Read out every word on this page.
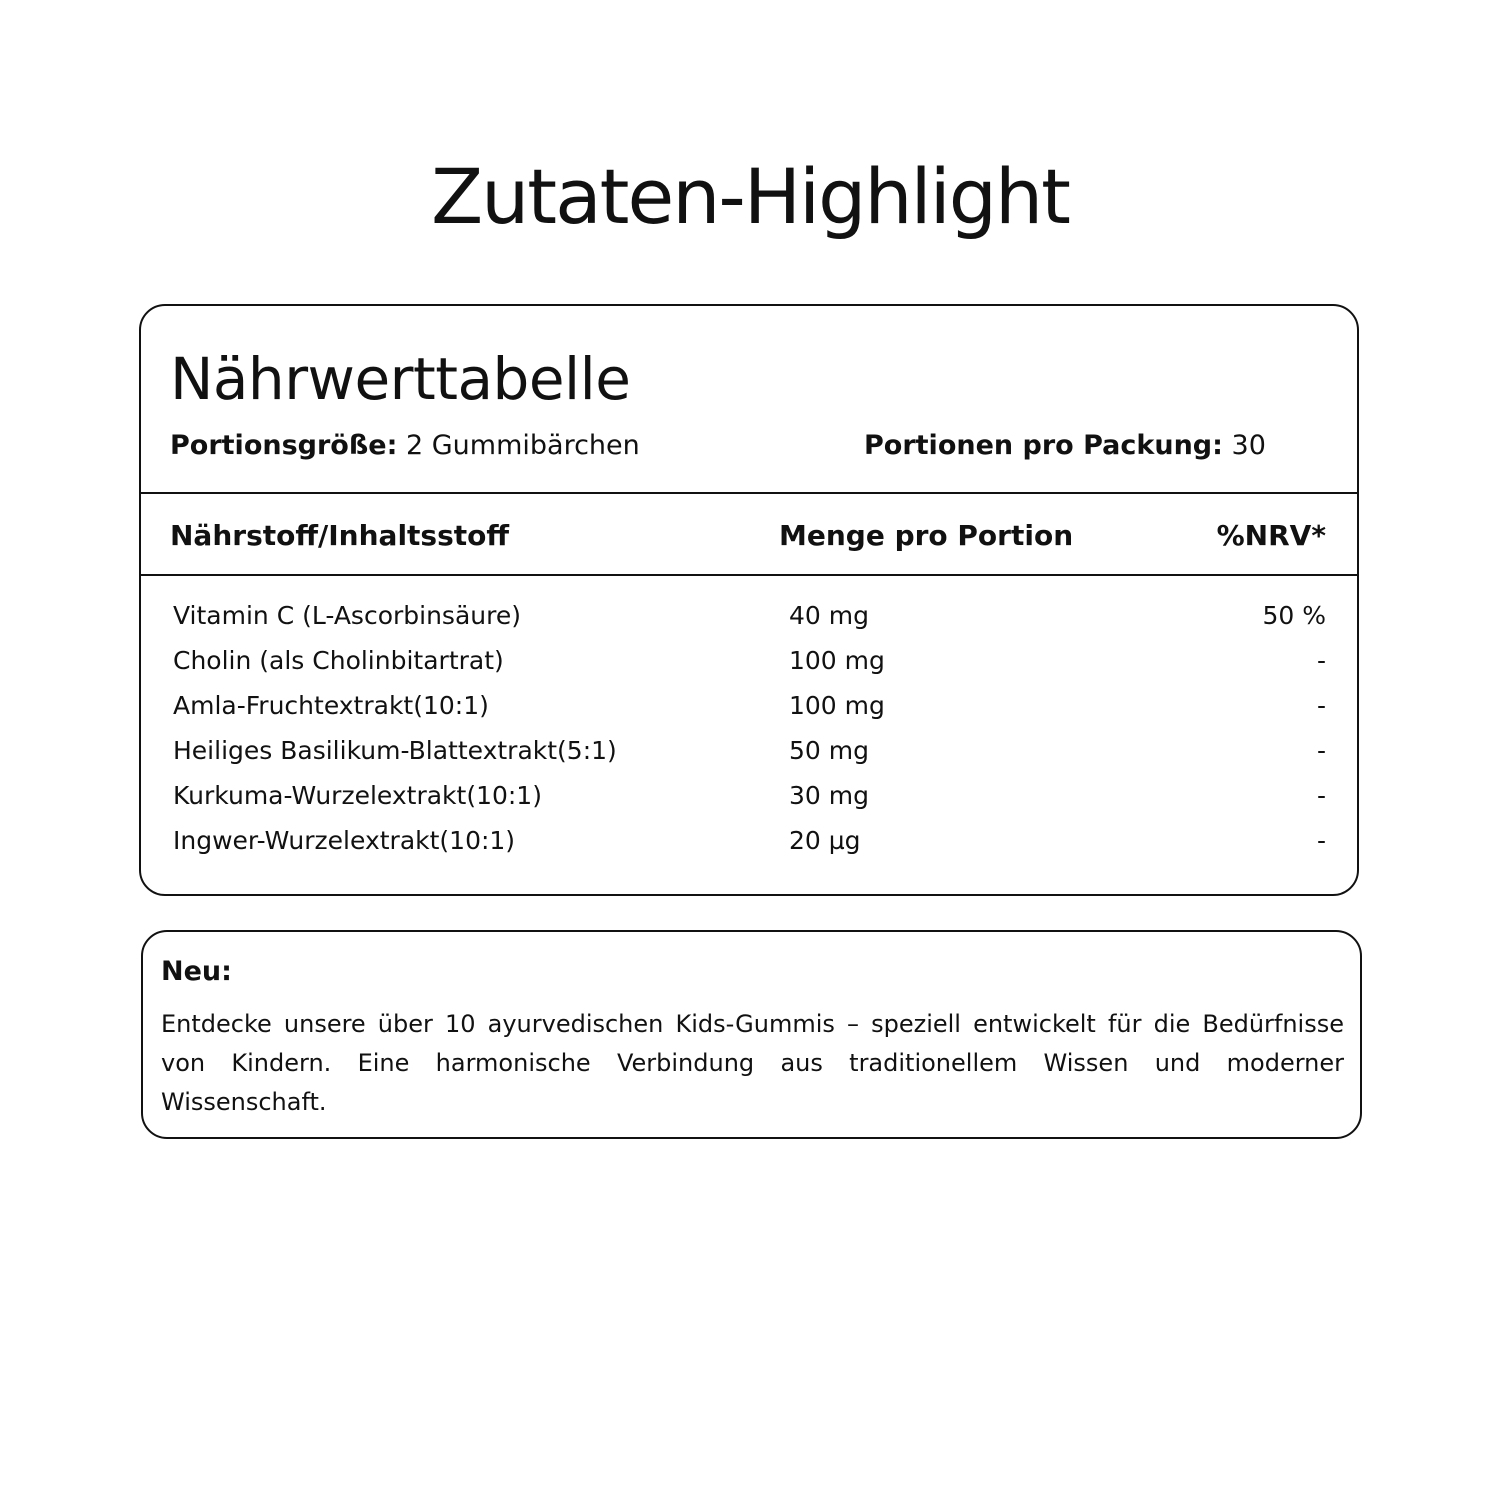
Zutaten-Highlight
Nährwerttabelle
Portionsgröße: 2 Gummibärchen	Portionen pro Packung: 30
Nährstoff/Inhaltsstoff	Menge pro Portion	%NRV*
Vitamin C (L-Ascorbinsäure)	40 mg	50 %
Cholin (als Cholinbitartrat)	100 mg	-
Amla-Fruchtextrakt(10:1)	100 mg	-
Heiliges Basilikum-Blattextrakt(5:1)	50 mg	-
Kurkuma-Wurzelextrakt(10:1)	30 mg	-
Ingwer-Wurzelextrakt(10:1)	20 µg	-
Neu:

Entdecke unsere über 10 ayurvedischen Kids-Gummis – speziell entwickelt für die Bedürfnisse von Kindern. Eine harmonische Verbindung aus traditionellem Wissen und moderner Wissenschaft.
